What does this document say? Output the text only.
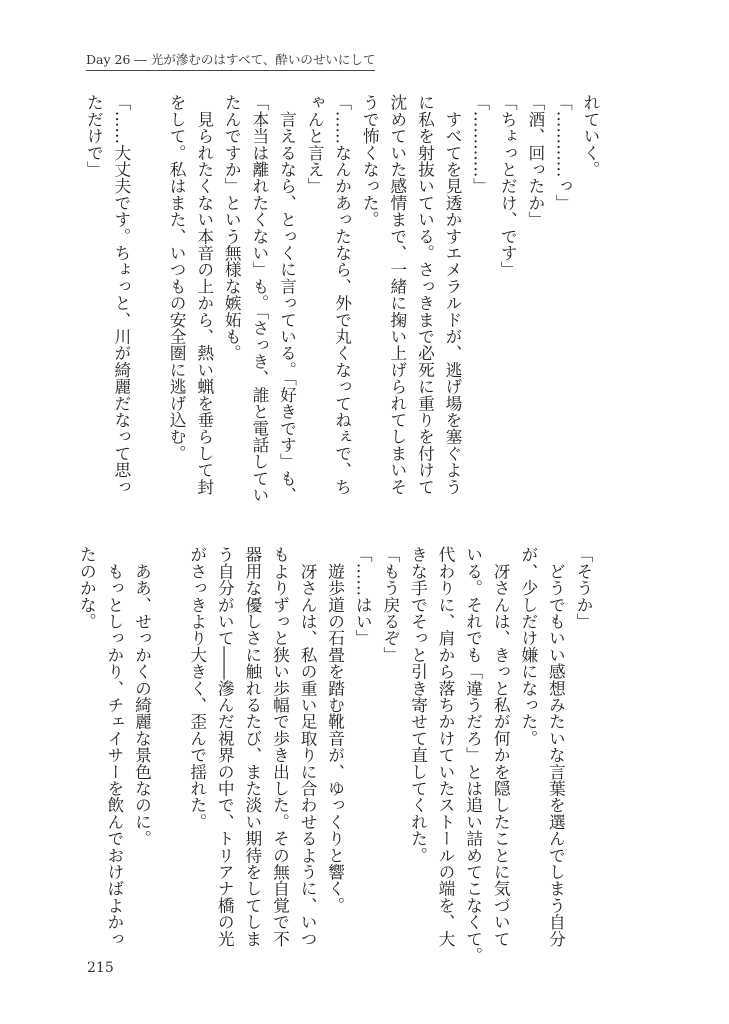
Day 26 ― 光が滲むのはすべて、酔いのせいにして
れていく。
「…………っ」
「酒、回ったか」
「ちょっとだけ、です」
「…………」
　すべてを見透かすエメラルドが、逃げ場を塞ぐよう
に私を射抜いている。さっきまで必死に重りを付けて
沈めていた感情まで、一緒に掬い上げられてしまいそ
うで怖くなった。
「……なんかあったなら、外で丸くなってねぇで、ち
ゃんと言え」
　言えるなら、とっくに言っている。「好きです」も、
「本当は離れたくない」も。「さっき、誰と電話してい
たんですか」という無様な嫉妬も。
　見られたくない本音の上から、熱い蝋を垂らして封
をして。私はまた、いつもの安全圏に逃げ込む。

「……大丈夫です。ちょっと、川が綺麗だなって思っ
ただけで」
「そうか」
　どうでもいい感想みたいな言葉を選んでしまう自分
が、少しだけ嫌になった。
　冴さんは、きっと私が何かを隠したことに気づいて
いる。それでも「違うだろ」とは追い詰めてこなくて。
代わりに、肩から落ちかけていたストールの端を、大
きな手でそっと引き寄せて直してくれた。
「もう戻るぞ」
「……はい」
　遊歩道の石畳を踏む靴音が、ゆっくりと響く。
　冴さんは、私の重い足取りに合わせるように、いつ
もよりずっと狭い歩幅で歩き出した。その無自覚で不
器用な優しさに触れるたび、また淡い期待をしてしま
う自分がいて――滲んだ視界の中で、トリアナ橋の光
がさっきより大きく、歪んで揺れた。

　ああ、せっかくの綺麗な景色なのに。
　もっとしっかり、チェイサーを飲んでおけばよかっ
たのかな。
215
